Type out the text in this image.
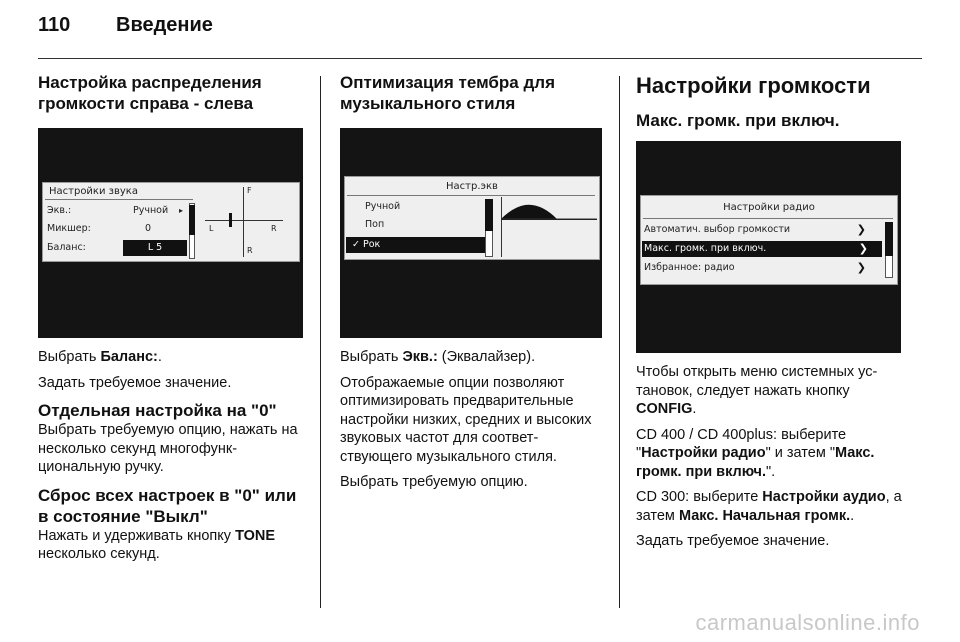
110 Введение
Настройка распределения громкости справа - слева
Настройки звука
Экв.:	Ручной ▸
Микшер:	0
Баланс:	L 5
F
R
L	R

Выбрать Баланс:.

Задать требуемое значение.

Отдельная настройка на "0"

Выбрать требуемую опцию, нажать на несколько секунд многофункциональную ручку.

Сброс всех настроек в "0" или в состояние "Выкл"

Нажать и удерживать кнопку TONE несколько секунд.

Оптимизация тембра для музыкального стиля
Настр.экв
Ручной
Поп
✓ Рок

Выбрать Экв.: (Эквалайзер).

Отображаемые опции позволяют оптимизировать предварительные настройки низких, средних и высоких звуковых частот для соответствующего музыкального стиля.

Выбрать требуемую опцию.

Настройки громкости
Макс. громк. при включ.
Настройки радио
Автоматич. выбор громкости	❯
Макс. громк. при включ.	❯
Избранное: радио	❯

Чтобы открыть меню системных установок, следует нажать кнопку CONFIG.

CD 400 / CD 400plus: выберите "Настройки радио" и затем "Макс. громк. при включ.".

CD 300: выберите Настройки аудио, а затем Макс. Начальная громк..

Задать требуемое значение.

carmanualsonline.info
